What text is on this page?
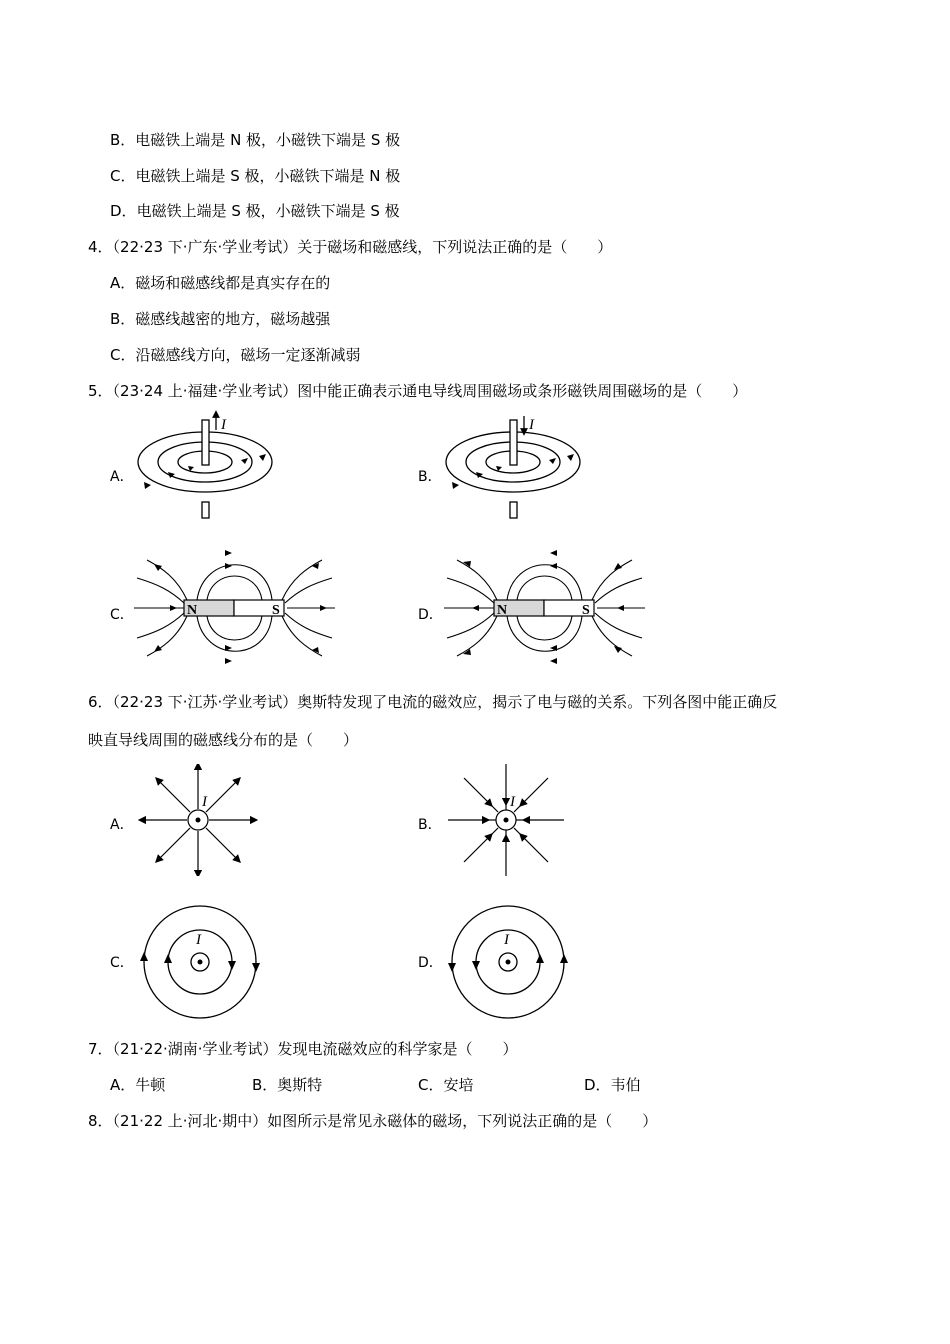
B．电磁铁上端是 N 极，小磁铁下端是 S 极
C．电磁铁上端是 S 极，小磁铁下端是 N 极
D．电磁铁上端是 S 极，小磁铁下端是 S 极
4．（22·23 下·广东·学业考试）关于磁场和磁感线，下列说法正确的是（　　）
A．磁场和磁感线都是真实存在的
B．磁感线越密的地方，磁场越强
C．沿磁感线方向，磁场一定逐渐减弱
5．（23·24 上·福建·学业考试）图中能正确表示通电导线周围磁场或条形磁铁周围磁场的是（　　）
A．
I
B．
I
C．	N	S	D．	N	S
6．（22·23 下·江苏·学业考试）奥斯特发现了电流的磁效应，揭示了电与磁的关系。下列各图中能正确反
映直导线周围的磁感线分布的是（　　）
A．
I
B．
I
C．
I
D．
I
7．（21·22·湖南·学业考试）发现电流磁效应的科学家是（　　）
A．牛顿	B．奥斯特	C．安培	D．韦伯
8．（21·22 上·河北·期中）如图所示是常见永磁体的磁场，下列说法正确的是（　　）
